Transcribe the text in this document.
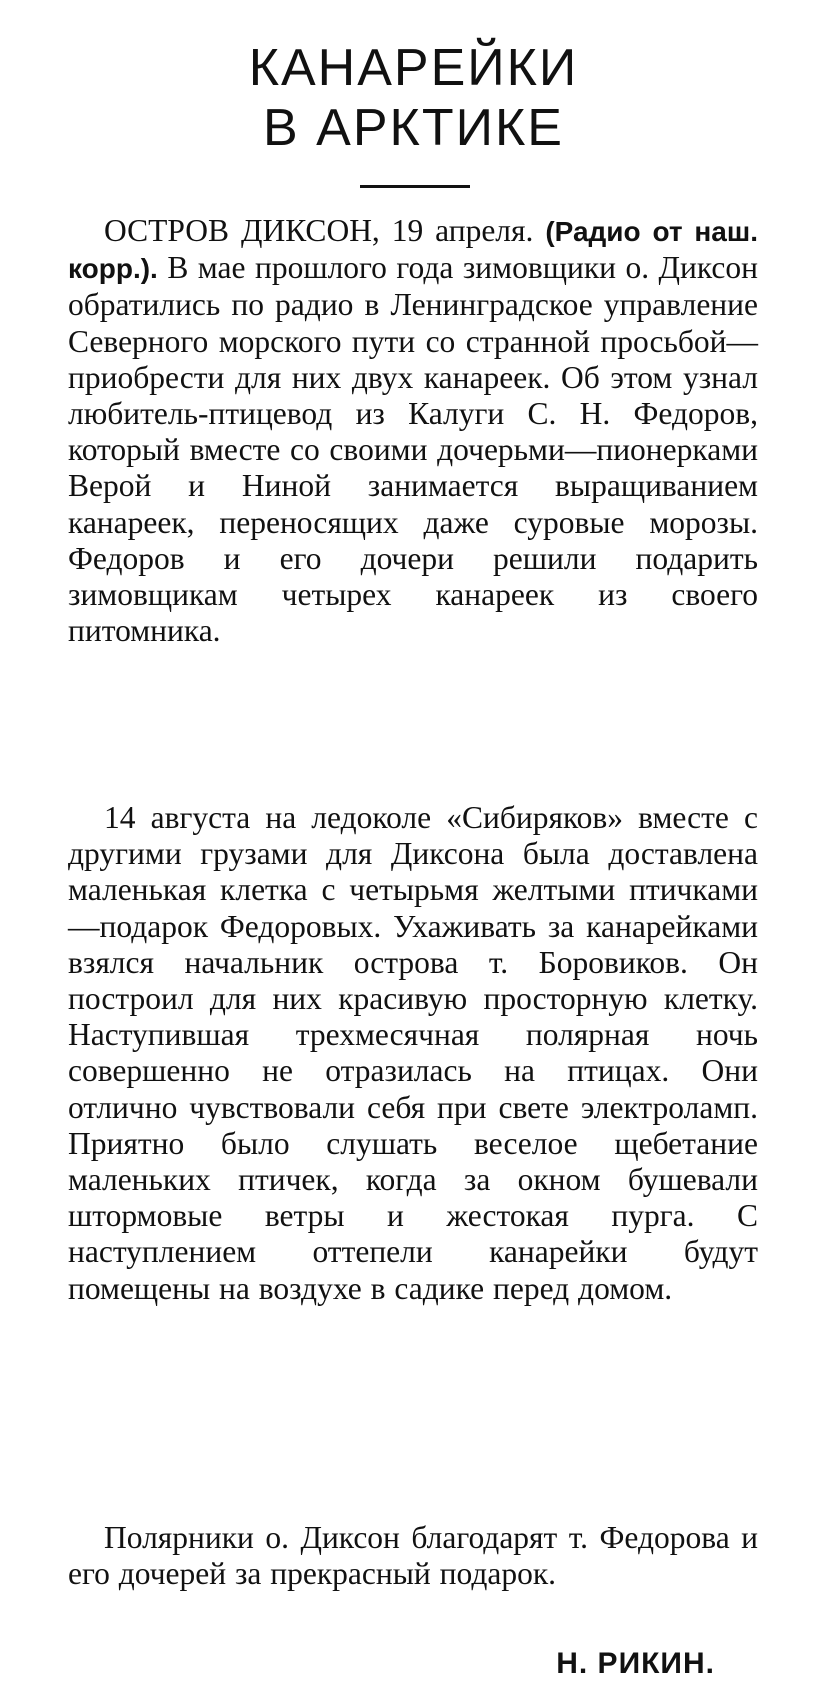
КАНАРЕЙКИ
В АРКТИКЕ

ОСТРОВ ДИКСОН, 19 апреля. (Радио от наш. корр.). В мае прошлого года зимовщики о. Диксон обратились по радио в Ленинградское управление Северного морского пути со странной просьбой—приобрести для них двух канареек. Об этом узнал любитель-птицевод из Калуги С. Н. Федоров, который вместе со своими дочерьми—пионерками Верой и Ниной занимается выращиванием канареек, переносящих даже суровые морозы. Федоров и его дочери решили подарить зимовщикам четырех канареек из своего питомника.

14 августа на ледоколе «Сибиряков» вместе с другими грузами для Диксона была доставлена маленькая клетка с четырьмя желтыми птичками—подарок Федоровых. Ухаживать за канарейками взялся начальник острова т. Боровиков. Он построил для них красивую просторную клетку. Наступившая трехмесячная полярная ночь совершенно не отразилась на птицах. Они отлично чувствовали себя при свете электроламп. Приятно было слушать веселое щебетание маленьких птичек, когда за окном бушевали штормовые ветры и жестокая пурга. С наступлением оттепели канарейки будут помещены на воздухе в садике перед домом.

Полярники о. Диксон благодарят т. Федорова и его дочерей за прекрасный подарок.

Н. РИКИН.
